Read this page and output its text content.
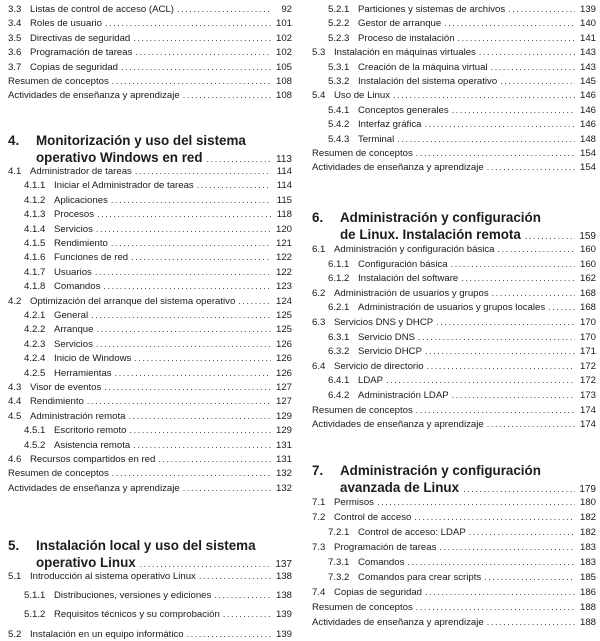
3.3 Listas de control de acceso (ACL) .....	92
3.4 Roles de usuario .....	101
3.5 Directivas de seguridad .....	102
3.6 Programación de tareas .....	102
3.7 Copias de seguridad .....	105
Resumen de conceptos .....	108
Actividades de enseñanza y aprendizaje .....	108
4.	Monitorización y uso del sistema
operativo Windows en red .....	113
4.1 Administrador de tareas .....	114
4.1.1 Iniciar el Administrador de tareas .....	114
4.1.2 Aplicaciones .....	115
4.1.3 Procesos .....	118
4.1.4 Servicios .....	120
4.1.5 Rendimiento .....	121
4.1.6 Funciones de red .....	122
4.1.7 Usuarios .....	122
4.1.8 Comandos .....	123
4.2 Optimización del arranque del sistema operativo .....	124
4.2.1 General .....	125
4.2.2 Arranque .....	125
4.2.3 Servicios .....	126
4.2.4 Inicio de Windows .....	126
4.2.5 Herramientas .....	126
4.3 Visor de eventos .....	127
4.4 Rendimiento .....	127
4.5 Administración remota .....	129
4.5.1 Escritorio remoto .....	129
4.5.2 Asistencia remota .....	131
4.6 Recursos compartidos en red .....	131
Resumen de conceptos .....	132
Actividades de enseñanza y aprendizaje .....	132
5.	Instalación local y uso del sistema
operativo Linux .....	137
5.1 Introducción al sistema operativo Linux .....	138
5.1.1 Distribuciones, versiones y ediciones .....	138
5.1.2 Requisitos técnicos y su comprobación .....	139
5.2 Instalación en un equipo informático .....	139
5.2.1 Particiones y sistemas de archivos .....	139
5.2.2 Gestor de arranque .....	140
5.2.3 Proceso de instalación .....	141
5.3 Instalación en máquinas virtuales .....	143
5.3.1 Creación de la máquina virtual .....	143
5.3.2 Instalación del sistema operativo .....	145
5.4 Uso de Linux .....	146
5.4.1 Conceptos generales .....	146
5.4.2 Interfaz gráfica .....	146
5.4.3 Terminal .....	148
Resumen de conceptos .....	154
Actividades de enseñanza y aprendizaje .....	154
6.	Administración y configuración
de Linux. Instalación remota .....	159
6.1 Administración y configuración básica .....	160
6.1.1 Configuración básica .....	160
6.1.2 Instalación del software .....	162
6.2 Administración de usuarios y grupos .....	168
6.2.1 Administración de usuarios y grupos locales .....	168
6.3 Servicios DNS y DHCP .....	170
6.3.1 Servicio DNS .....	170
6.3.2 Servicio DHCP .....	171
6.4 Servicio de directorio .....	172
6.4.1 LDAP .....	172
6.4.2 Administración LDAP .....	173
Resumen de conceptos .....	174
Actividades de enseñanza y aprendizaje .....	174
7.	Administración y configuración
avanzada de Linux .....	179
7.1 Permisos .....	180
7.2 Control de acceso .....	182
7.2.1 Control de acceso: LDAP .....	182
7.3 Programación de tareas .....	183
7.3.1 Comandos .....	183
7.3.2 Comandos para crear scripts .....	185
7.4 Copias de seguridad .....	186
Resumen de conceptos .....	188
Actividades de enseñanza y aprendizaje .....	188
